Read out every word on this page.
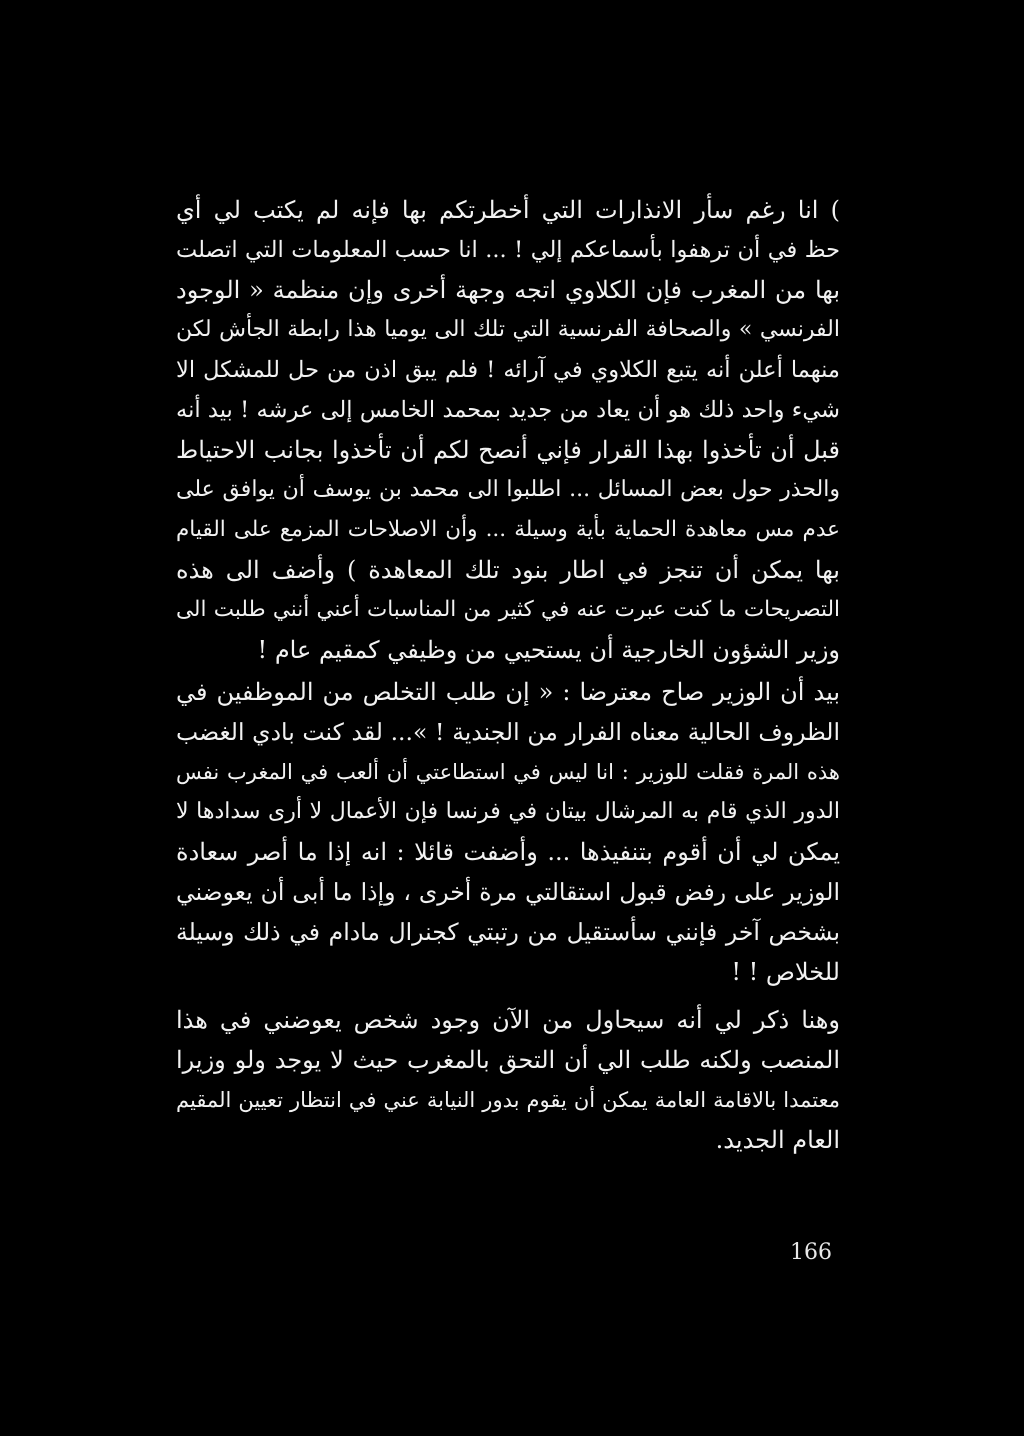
) انا رغم سأر الانذارات التي أخطرتكم بها فإنه لم يكتب لي أي
حظ في أن ترهفوا بأسماعكم إلي ! ... انا حسب المعلومات التي اتصلت
بها من المغرب فإن الكلاوي اتجه وجهة أخرى وإن منظمة « الوجود
الفرنسي » والصحافة الفرنسية التي تلك الى يوميا هذا رابطة الجأش لكن
منهما أعلن أنه يتبع الكلاوي في آرائه ! فلم يبق اذن من حل للمشكل الا
شيء واحد ذلك هو أن يعاد من جديد بمحمد الخامس إلى عرشه ! بيد أنه
قبل أن تأخذوا بهذا القرار فإني أنصح لكم أن تأخذوا بجانب الاحتياط
والحذر حول بعض المسائل ... اطلبوا الى محمد بن يوسف أن يوافق على
عدم مس معاهدة الحماية بأية وسيلة ... وأن الاصلاحات المزمع على القيام
بها يمكن أن تنجز في اطار بنود تلك المعاهدة ) وأضف الى هذه
التصريحات ما كنت عبرت عنه في كثير من المناسبات أعني أنني طلبت الى
وزير الشؤون الخارجية أن يستحيي من وظيفي كمقيم عام !
بيد أن الوزير صاح معترضا : « إن طلب التخلص من الموظفين في
الظروف الحالية معناه الفرار من الجندية ! »... لقد كنت بادي الغضب
هذه المرة فقلت للوزير : انا ليس في استطاعتي أن ألعب في المغرب نفس
الدور الذي قام به المرشال بيتان في فرنسا فإن الأعمال لا أرى سدادها لا
يمكن لي أن أقوم بتنفيذها ... وأضفت قائلا : انه إذا ما أصر سعادة
الوزير على رفض قبول استقالتي مرة أخرى ، وإذا ما أبى أن يعوضني
بشخص آخر فإنني سأستقيل من رتبتي كجنرال مادام في ذلك وسيلة
للخلاص ! !
وهنا ذكر لي أنه سيحاول من الآن وجود شخص يعوضني في هذا
المنصب ولكنه طلب الي أن التحق بالمغرب حيث لا يوجد ولو وزيرا
معتمدا بالاقامة العامة يمكن أن يقوم بدور النيابة عني في انتظار تعيين المقيم
العام الجديد.
166
